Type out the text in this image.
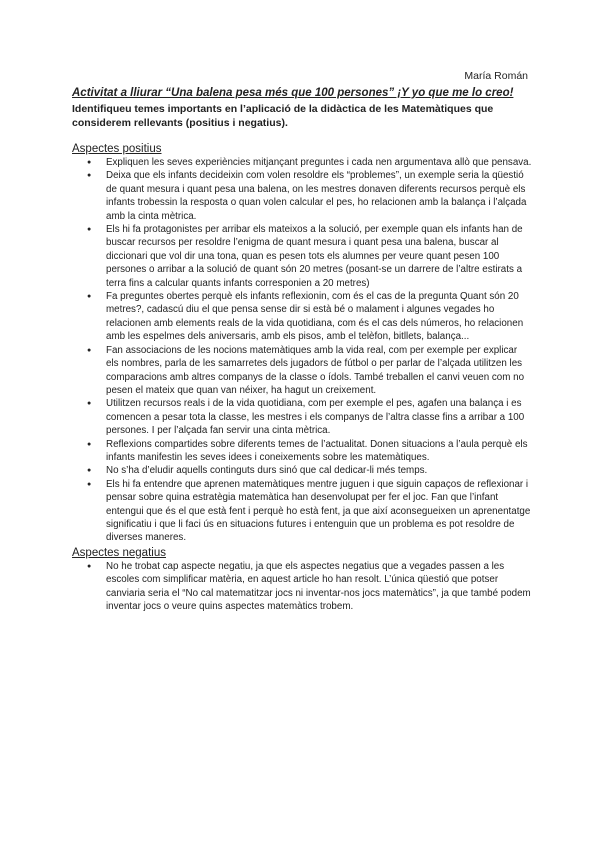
María Román

Activitat a lliurar “Una balena pesa més que 100 persones” ¡Y yo que me lo creo!

Identifiqueu temes importants en l’aplicació de la didàctica de les Matemàtiques que considerem rellevants (positius i negatius).

Aspectes positius
● Expliquen les seves experiències mitjançant preguntes i cada nen argumentava allò que pensava.
● Deixa que els infants decideixin com volen resoldre els “problemes”, un exemple seria la qüestió de quant mesura i quant pesa una balena, on les mestres donaven diferents recursos perquè els infants trobessin la resposta o quan volen calcular el pes, ho relacionen amb la balança i l’alçada amb la cinta mètrica.
● Els hi fa protagonistes per arribar els mateixos a la solució, per exemple quan els infants han de buscar recursos per resoldre l’enigma de quant mesura i quant pesa una balena, buscar al diccionari que vol dir una tona, quan es pesen tots els alumnes per veure quant pesen 100 persones o arribar a la solució de quant són 20 metres (posant-se un darrere de l’altre estirats a terra fins a calcular quants infants corresponien a 20 metres)
● Fa preguntes obertes perquè els infants reflexionin, com és el cas de la pregunta Quant són 20 metres?, cadascú diu el que pensa sense dir si està bé o malament i algunes vegades ho relacionen amb elements reals de la vida quotidiana, com és el cas dels números, ho relacionen amb les espelmes dels aniversaris, amb els pisos, amb el telèfon, bitllets, balança...
● Fan associacions de les nocions matemàtiques amb la vida real, com per exemple per explicar els nombres, parla de les samarretes dels jugadors de fútbol o per parlar de l’alçada utilitzen les comparacions amb altres companys de la classe o ídols. També treballen el canvi veuen com no pesen el mateix que quan van néixer, ha hagut un creixement.
● Utilitzen recursos reals i de la vida quotidiana, com per exemple el pes, agafen una balança i es comencen a pesar tota la classe, les mestres i els companys de l’altra classe fins a arribar a 100 persones. I per l’alçada fan servir una cinta mètrica.
● Reflexions compartides sobre diferents temes de l’actualitat. Donen situacions a l’aula perquè els infants manifestin les seves idees i coneixements sobre les matemàtiques.
● No s’ha d’eludir aquells continguts durs sinó que cal dedicar-li més temps.
● Els hi fa entendre que aprenen matemàtiques mentre juguen i que siguin capaços de reflexionar i pensar sobre quina estratègia matemàtica han desenvolupat per fer el joc. Fan que l’infant entengui que és el que està fent i perquè ho està fent, ja que així aconsegueixen un aprenentatge significatiu i que li faci ús en situacions futures i entenguin que un problema es pot resoldre de diverses maneres.
Aspectes negatius
● No he trobat cap aspecte negatiu, ja que els aspectes negatius que a vegades passen a les escoles com simplificar matèria, en aquest article ho han resolt. L’única qüestió que potser canviaria seria el “No cal matematitzar jocs ni inventar-nos jocs matemàtics”, ja que també podem inventar jocs o veure quins aspectes matemàtics trobem.
